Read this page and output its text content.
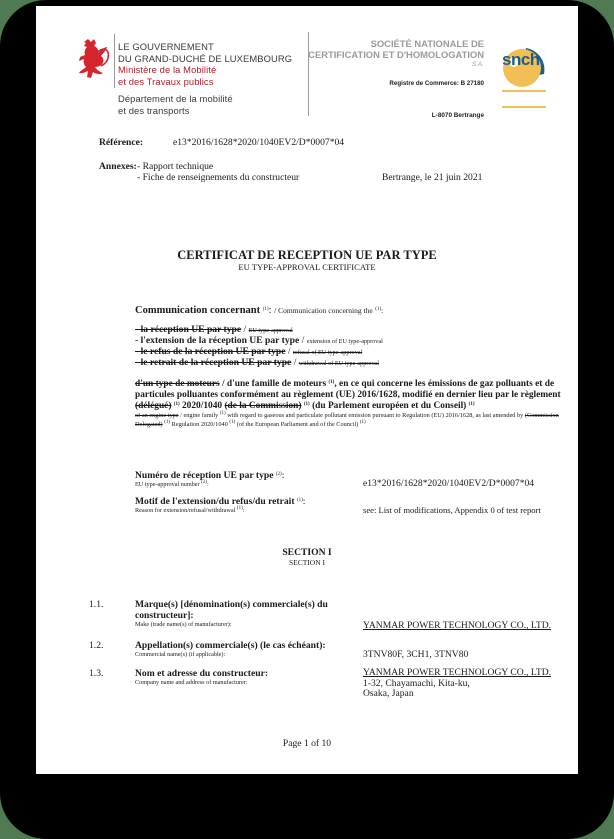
LE GOUVERNEMENT
DU GRAND-DUCHÉ DE LUXEMBOURG
Ministère de la Mobilité
et des Travaux publics
Département de la mobilité
et des transports
SOCIÉTÉ NATIONALE DE
CERTIFICATION ET D'HOMOLOGATION
S.A.
Registre de Commerce: B 27180
L-8070 Bertrange
snch
Référence:	e13*2016/1628*2020/1040EV2/D*0007*04
Annexes: - Rapport technique
- Fiche de renseignements du constructeur	Bertrange, le 21 juin 2021
CERTIFICAT DE RECEPTION UE PAR TYPE
EU TYPE-APPROVAL CERTIFICATE
Communication concernant $^{(1)}$: / Communication concerning the $^{(1)}$:
- la réception UE par type / EU type-approval
- l'extension de la réception UE par type / extension of EU type-approval
- le refus de la réception UE par type / refusal of EU type-approval
- le retrait de la réception UE par type / withdrawal of EU type-approval
d'un type de moteurs / d'une famille de moteurs $^{(1)}$, en ce qui concerne les émissions de gaz polluants et de particules polluantes conformément au règlement (UE) 2016/1628, modifié en dernier lieu par le règlement (délégué) $^{(1)}$ 2020/1040 (de la Commission) $^{(1)}$ (du Parlement européen et du Conseil) $^{(1)}$
of an engine type / engine family $^{(1)}$ with regard to gaseous and particulate pollutant emission pursuant to Regulation (EU) 2016/1628, as last amended by (Commission Delegated) $^{(1)}$ Regulation 2020/1040 $^{(1)}$ (of the European Parliament and of the Council) $^{(1)}$
Numéro de réception UE par type $^{(2)}$:
EU type-approval number $^{(2)}$:	e13*2016/1628*2020/1040EV2/D*0007*04
Motif de l'extension/du refus/du retrait $^{(1)}$:
Reason for extension/refusal/withdrawal $^{(1)}$:	see: List of modifications, Appendix 0 of test report
SECTION I
SECTION I
1.1.	Marque(s) [dénomination(s) commerciale(s) du
constructeur]:
Make (trade name(s) of manufacturer):	YANMAR POWER TECHNOLOGY CO., LTD.
1.2.	Appellation(s) commerciale(s) (le cas échéant):
Commercial name(s) (if applicable):	3TNV80F, 3CH1, 3TNV80
1.3.	Nom et adresse du constructeur:
Company name and address of manufacturer:
YANMAR POWER TECHNOLOGY CO., LTD.
1-32, Chayamachi, Kita-ku,
Osaka, Japan
Page 1 of 10
